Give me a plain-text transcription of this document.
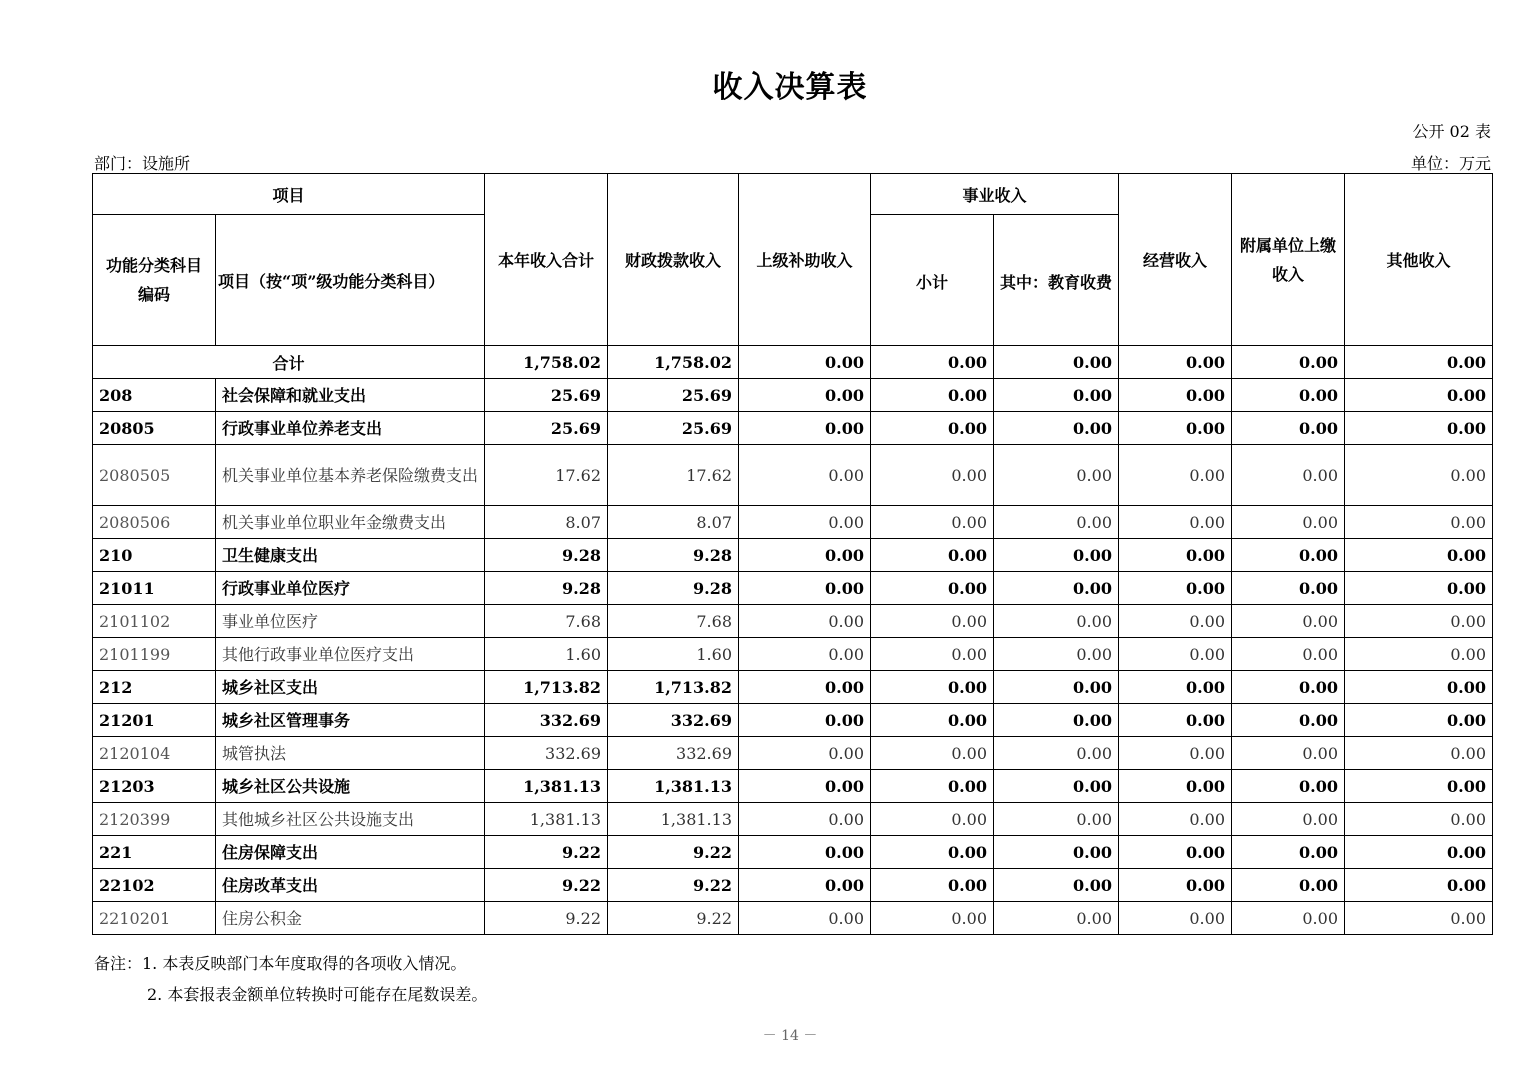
收入决算表
公开 02 表
部门：设施所	单位：万元
项目		本年收入合计	财政拨款收入	上级补助收入	事业收入		经营收入	附属单位上缴收入	其他收入
功能分类科目编码	项目（按“项”级功能分类科目）				小计	其中：教育收费			
合计		1,758.02	1,758.02	0.00	0.00	0.00	0.00	0.00	0.00
208	社会保障和就业支出	25.69	25.69	0.00	0.00	0.00	0.00	0.00	0.00
20805	行政事业单位养老支出	25.69	25.69	0.00	0.00	0.00	0.00	0.00	0.00
2080505	机关事业单位基本养老保险缴费支出	17.62	17.62	0.00	0.00	0.00	0.00	0.00	0.00
2080506	机关事业单位职业年金缴费支出	8.07	8.07	0.00	0.00	0.00	0.00	0.00	0.00
210	卫生健康支出	9.28	9.28	0.00	0.00	0.00	0.00	0.00	0.00
21011	行政事业单位医疗	9.28	9.28	0.00	0.00	0.00	0.00	0.00	0.00
2101102	事业单位医疗	7.68	7.68	0.00	0.00	0.00	0.00	0.00	0.00
2101199	其他行政事业单位医疗支出	1.60	1.60	0.00	0.00	0.00	0.00	0.00	0.00
212	城乡社区支出	1,713.82	1,713.82	0.00	0.00	0.00	0.00	0.00	0.00
21201	城乡社区管理事务	332.69	332.69	0.00	0.00	0.00	0.00	0.00	0.00
2120104	城管执法	332.69	332.69	0.00	0.00	0.00	0.00	0.00	0.00
21203	城乡社区公共设施	1,381.13	1,381.13	0.00	0.00	0.00	0.00	0.00	0.00
2120399	其他城乡社区公共设施支出	1,381.13	1,381.13	0.00	0.00	0.00	0.00	0.00	0.00
221	住房保障支出	9.22	9.22	0.00	0.00	0.00	0.00	0.00	0.00
22102	住房改革支出	9.22	9.22	0.00	0.00	0.00	0.00	0.00	0.00
2210201	住房公积金	9.22	9.22	0.00	0.00	0.00	0.00	0.00	0.00
备注：1. 本表反映部门本年度取得的各项收入情况。
2. 本套报表金额单位转换时可能存在尾数误差。
－ 14 －
